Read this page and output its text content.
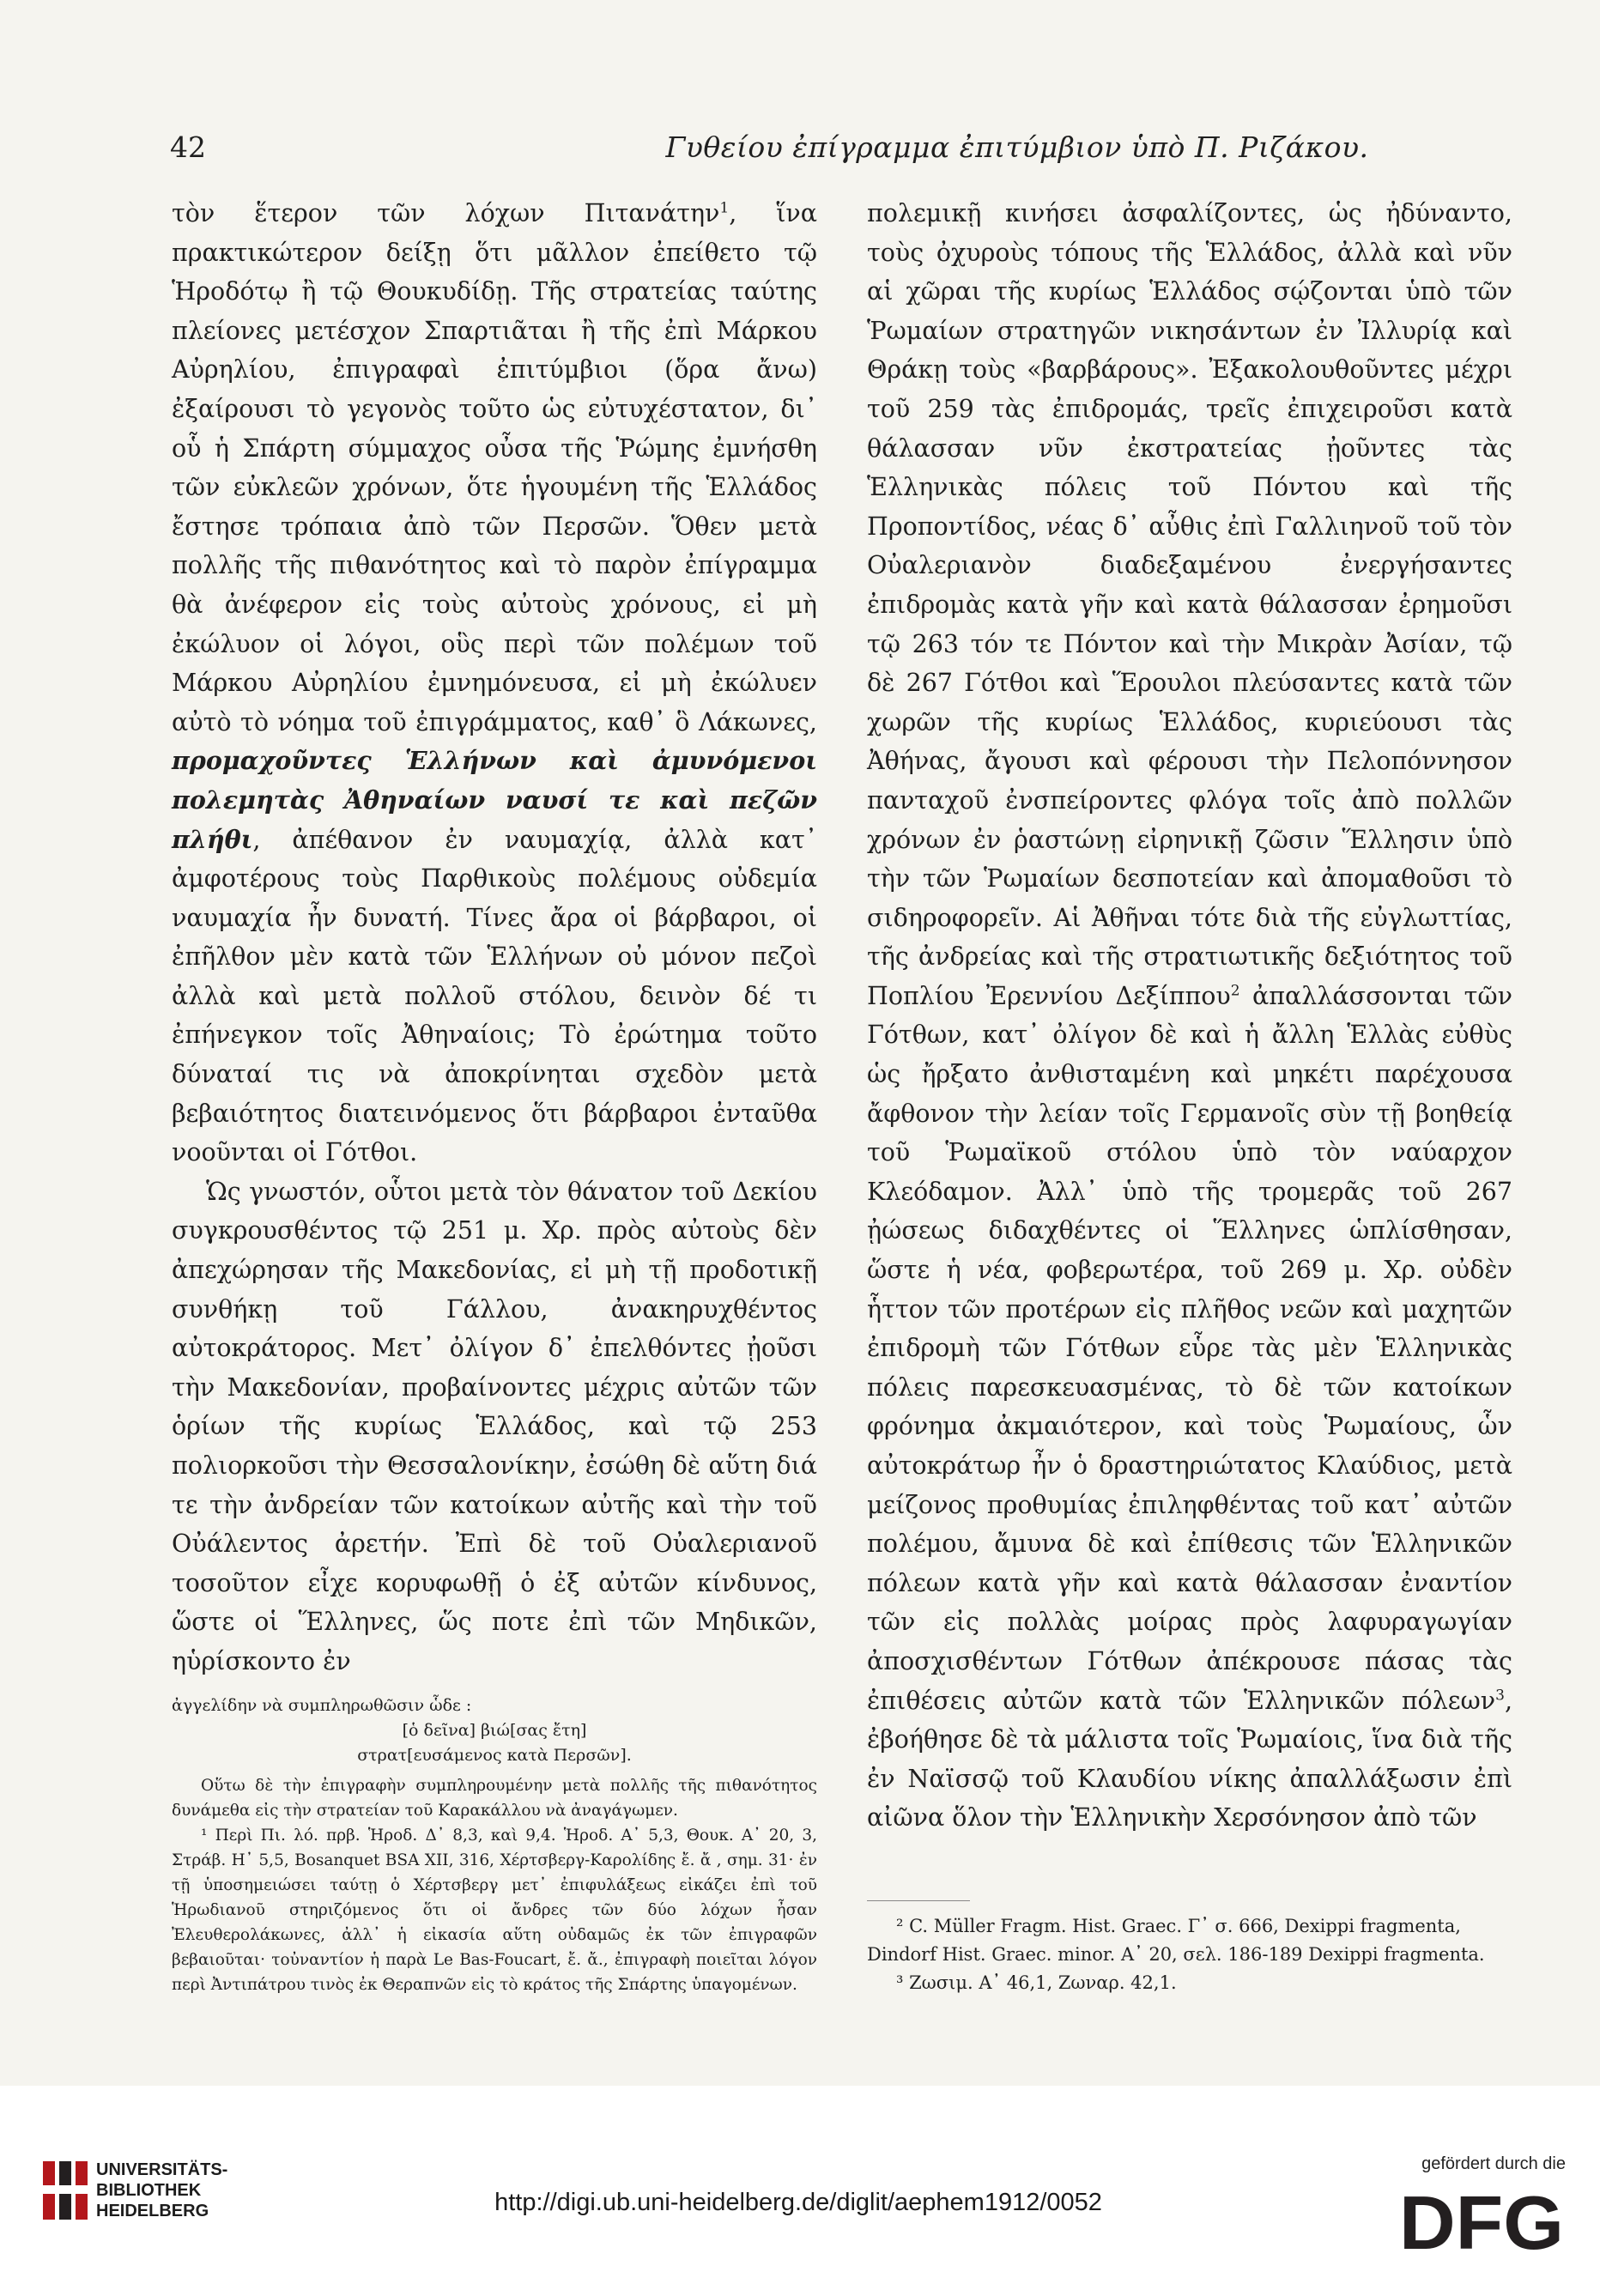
42	Γυθείου ἐπίγραμμα ἐπιτύμβιον ὑπὸ Π. Ριζάκου.

τὸν ἕτερον τῶν λόχων Πιτανάτην$^1$, ἵνα πρακτικώτερον δείξῃ ὅτι μᾶλλον ἐπείθετο τῷ Ἡροδότῳ ἢ τῷ Θουκυδίδῃ. Τῆς στρατείας ταύτης πλείονες μετέσχον Σπαρτιᾶται ἢ τῆς ἐπὶ Μάρκου Αὐρηλίου, ἐπιγραφαὶ ἐπιτύμβιοι (ὅρα ἄνω) ἐξαίρουσι τὸ γεγονὸς τοῦτο ὡς εὐτυχέστατον, δι᾿ οὗ ἡ Σπάρτη σύμμαχος οὖσα τῆς Ῥώμης ἐμνήσθη τῶν εὐκλεῶν χρόνων, ὅτε ἡγουμένη τῆς Ἑλλάδος ἔστησε τρόπαια ἀπὸ τῶν Περσῶν. Ὅθεν μετὰ πολλῆς τῆς πιθανότητος καὶ τὸ παρὸν ἐπίγραμμα θὰ ἀνέφερον εἰς τοὺς αὐτοὺς χρόνους, εἰ μὴ ἐκώλυον οἱ λόγοι, οὓς περὶ τῶν πολέμων τοῦ Μάρκου Αὐρηλίου ἐμνημόνευσα, εἰ μὴ ἐκώλυεν αὐτὸ τὸ νόημα τοῦ ἐπιγράμματος, καθ᾿ ὃ Λάκωνες, προμαχοῦντες Ἑλλήνων καὶ ἀμυνόμενοι πολεμητὰς Ἀθηναίων ναυσί τε καὶ πεζῶν πλήθι, ἀπέθανον ἐν ναυμαχίᾳ, ἀλλὰ κατ᾿ ἀμφοτέρους τοὺς Παρθικοὺς πολέμους οὐδεμία ναυμαχία ἦν δυνατή. Τίνες ἄρα οἱ βάρβαροι, οἱ ἐπῆλθον μὲν κατὰ τῶν Ἑλλήνων οὐ μόνον πεζοὶ ἀλλὰ καὶ μετὰ πολλοῦ στόλου, δεινὸν δέ τι ἐπήνεγκον τοῖς Ἀθηναίοις; Τὸ ἐρώτημα τοῦτο δύναταί τις νὰ ἀποκρίνηται σχεδὸν μετὰ βεβαιότητος διατεινόμενος ὅτι βάρβαροι ἐνταῦθα νοοῦνται οἱ Γότθοι.

Ὡς γνωστόν, οὗτοι μετὰ τὸν θάνατον τοῦ Δεκίου συγκρουσθέντος τῷ 251 μ. Χρ. πρὸς αὐτοὺς δὲν ἀπεχώρησαν τῆς Μακεδονίας, εἰ μὴ τῇ προδοτικῇ συνθήκῃ τοῦ Γάλλου, ἀνακηρυχθέντος αὐτοκράτορος. Μετ᾿ ὀλίγον δ᾿ ἐπελθόντες ᾐοῦσι τὴν Μακεδονίαν, προβαίνοντες μέχρις αὐτῶν τῶν ὁρίων τῆς κυρίως Ἑλλάδος, καὶ τῷ 253 πολιορκοῦσι τὴν Θεσσαλονίκην, ἐσώθη δὲ αὕτη διά τε τὴν ἀνδρείαν τῶν κατοίκων αὐτῆς καὶ τὴν τοῦ Οὐάλεντος ἀρετήν. Ἐπὶ δὲ τοῦ Οὐαλεριανοῦ τοσοῦτον εἶχε κορυφωθῇ ὁ ἐξ αὐτῶν κίνδυνος, ὥστε οἱ Ἕλληνες, ὥς ποτε ἐπὶ τῶν Μηδικῶν, ηὑρίσκοντο ἐν

ἀγγελίδην νὰ συμπληρωθῶσιν ὧδε :
[ὁ δεῖνα] βιώ[σας ἔτη]
στρατ[ευσάμενος κατὰ Περσῶν].

Οὕτω δὲ τὴν ἐπιγραφὴν συμπληρουμένην μετὰ πολλῆς τῆς πιθανότητος δυνάμεθα εἰς τὴν στρατείαν τοῦ Καρακάλλου νὰ ἀναγάγωμεν.

¹ Περὶ Πι. λό. πρβ. Ἡροδ. Δ᾿ 8,3, καὶ 9,4. Ἡροδ. Α᾿ 5,3, Θουκ. Α᾿ 20, 3, Στράβ. Η᾿ 5,5, Bosanquet BSA XII, 316, Χέρτσβεργ-Καρολίδης ἔ. ἄ , σημ. 31· ἐν τῇ ὑποσημειώσει ταύτῃ ὁ Χέρτσβεργ μετ᾿ ἐπιφυλάξεως εἰκάζει ἐπὶ τοῦ Ἡρωδιανοῦ στηριζόμενος ὅτι οἱ ἄνδρες τῶν δύο λόχων ἦσαν Ἐλευθερολάκωνες, ἀλλ᾿ ἡ εἰκασία αὕτη οὐδαμῶς ἐκ τῶν ἐπιγραφῶν βεβαιοῦται· τοὐναντίον ἡ παρὰ Le Bas-Foucart, ἔ. ἄ., ἐπιγραφὴ ποιεῖται λόγον περὶ Ἀντιπάτρου τινὸς ἐκ Θεραπνῶν εἰς τὸ κράτος τῆς Σπάρτης ὑπαγομένων.

πολεμικῇ κινήσει ἀσφαλίζοντες, ὡς ἠδύναντο, τοὺς ὀχυροὺς τόπους τῆς Ἑλλάδος, ἀλλὰ καὶ νῦν αἱ χῶραι τῆς κυρίως Ἑλλάδος σῴζονται ὑπὸ τῶν Ῥωμαίων στρατηγῶν νικησάντων ἐν Ἰλλυρίᾳ καὶ Θράκῃ τοὺς «βαρβάρους». Ἐξακολουθοῦντες μέχρι τοῦ 259 τὰς ἐπιδρομάς, τρεῖς ἐπιχειροῦσι κατὰ θάλασσαν νῦν ἐκστρατείας ᾐοῦντες τὰς Ἑλληνικὰς πόλεις τοῦ Πόντου καὶ τῆς Προποντίδος, νέας δ᾿ αὖθις ἐπὶ Γαλλιηνοῦ τοῦ τὸν Οὐαλεριανὸν διαδεξαμένου ἐνεργήσαντες ἐπιδρομὰς κατὰ γῆν καὶ κατὰ θάλασσαν ἐρημοῦσι τῷ 263 τόν τε Πόντον καὶ τὴν Μικρὰν Ἀσίαν, τῷ δὲ 267 Γότθοι καὶ Ἕρουλοι πλεύσαντες κατὰ τῶν χωρῶν τῆς κυρίως Ἑλλάδος, κυριεύουσι τὰς Ἀθήνας, ἄγουσι καὶ φέρουσι τὴν Πελοπόννησον πανταχοῦ ἐνσπείροντες φλόγα τοῖς ἀπὸ πολλῶν χρόνων ἐν ῥαστώνῃ εἰρηνικῇ ζῶσιν Ἕλλησιν ὑπὸ τὴν τῶν Ῥωμαίων δεσποτείαν καὶ ἀπομαθοῦσι τὸ σιδηροφορεῖν. Αἱ Ἀθῆναι τότε διὰ τῆς εὐγλωττίας, τῆς ἀνδρείας καὶ τῆς στρατιωτικῆς δεξιότητος τοῦ Ποπλίου Ἐρεννίου Δεξίππου$^2$ ἀπαλλάσσονται τῶν Γότθων, κατ᾿ ὀλίγον δὲ καὶ ἡ ἄλλη Ἑλλὰς εὐθὺς ὡς ἤρξατο ἀνθισταμένη καὶ μηκέτι παρέχουσα ἄφθονον τὴν λείαν τοῖς Γερμανοῖς σὺν τῇ βοηθείᾳ τοῦ Ῥωμαϊκοῦ στόλου ὑπὸ τὸν ναύαρχον Κλεόδαμον. Ἀλλ᾿ ὑπὸ τῆς τρομερᾶς τοῦ 267 ᾐώσεως διδαχθέντες οἱ Ἕλληνες ὡπλίσθησαν, ὥστε ἡ νέα, φοβερωτέρα, τοῦ 269 μ. Χρ. οὐδὲν ἧττον τῶν προτέρων εἰς πλῆθος νεῶν καὶ μαχητῶν ἐπιδρομὴ τῶν Γότθων εὗρε τὰς μὲν Ἑλληνικὰς πόλεις παρεσκευασμένας, τὸ δὲ τῶν κατοίκων φρόνημα ἀκμαιότερον, καὶ τοὺς Ῥωμαίους, ὧν αὐτοκράτωρ ἦν ὁ δραστηριώτατος Κλαύδιος, μετὰ μείζονος προθυμίας ἐπιληφθέντας τοῦ κατ᾿ αὐτῶν πολέμου, ἄμυνα δὲ καὶ ἐπίθεσις τῶν Ἑλληνικῶν πόλεων κατὰ γῆν καὶ κατὰ θάλασσαν ἐναντίον τῶν εἰς πολλὰς μοίρας πρὸς λαφυραγωγίαν ἀποσχισθέντων Γότθων ἀπέκρουσε πάσας τὰς ἐπιθέσεις αὐτῶν κατὰ τῶν Ἑλληνικῶν πόλεων$^3$, ἐβοήθησε δὲ τὰ μάλιστα τοῖς Ῥωμαίοις, ἵνα διὰ τῆς ἐν Ναϊσσῷ τοῦ Κλαυδίου νίκης ἀπαλλάξωσιν ἐπὶ αἰῶνα ὅλον τὴν Ἑλληνικὴν Χερσόνησον ἀπὸ τῶν

² C. Müller Fragm. Hist. Graec. Γ᾿ σ. 666, Dexippi fragmenta, Dindorf Hist. Graec. minor. Α᾿ 20, σελ. 186-189 Dexippi fragmenta.

³ Ζωσιμ. Α᾿ 46,1, Ζωναρ. 42,1.

UNIVERSITÄTS-
BIBLIOTHEK
HEIDELBERG	http://digi.ub.uni-heidelberg.de/diglit/aephem1912/0052
gefördert durch die
DFG
